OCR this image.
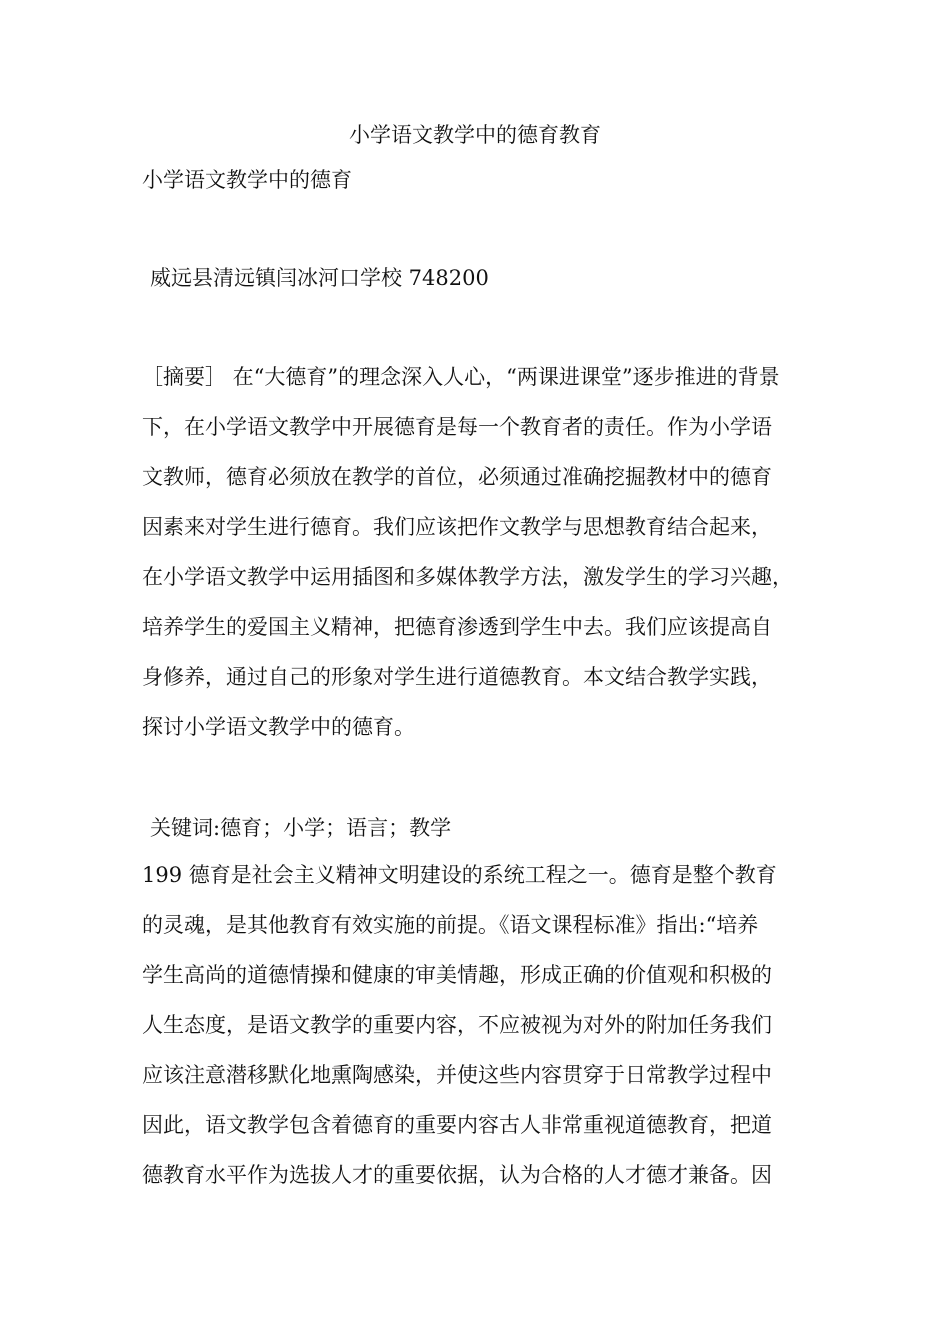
小学语文教学中的德育教育
小学语文教学中的德育
威远县清远镇闫冰河口学校 748200
［摘要］ 在“大德育”的理念深入人心，“两课进课堂”逐步推进的背景
下，在小学语文教学中开展德育是每一个教育者的责任。作为小学语
文教师，德育必须放在教学的首位，必须通过准确挖掘教材中的德育
因素来对学生进行德育。我们应该把作文教学与思想教育结合起来，
在小学语文教学中运用插图和多媒体教学方法，激发学生的学习兴趣，
培养学生的爱国主义精神，把德育渗透到学生中去。我们应该提高自
身修养，通过自己的形象对学生进行道德教育。本文结合教学实践，
探讨小学语文教学中的德育。
关键词:德育；小学；语言；教学
199 德育是社会主义精神文明建设的系统工程之一。德育是整个教育
的灵魂，是其他教育有效实施的前提。《语文课程标准》指出:“培养
学生高尚的道德情操和健康的审美情趣，形成正确的价值观和积极的
人生态度，是语文教学的重要内容，不应被视为对外的附加任务我们
应该注意潜移默化地熏陶感染，并使这些内容贯穿于日常教学过程中
因此，语文教学包含着德育的重要内容古人非常重视道德教育，把道
德教育水平作为选拔人才的重要依据，认为合格的人才德才兼备。因
